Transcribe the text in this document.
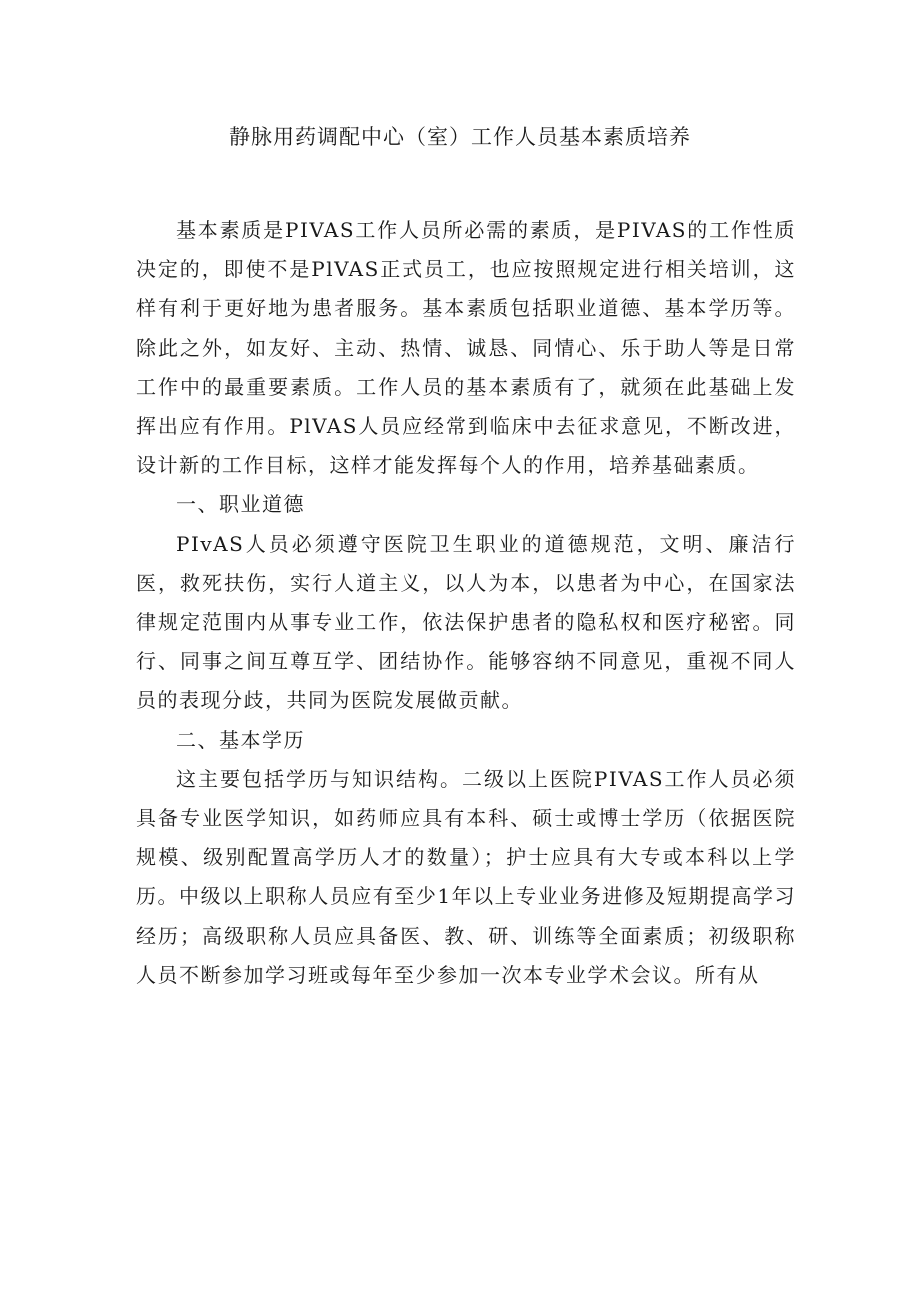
静脉用药调配中心（室）工作人员基本素质培养

基本素质是PIVAS工作人员所必需的素质，是PIVAS的工作性质决定的，即使不是PlVAS正式员工，也应按照规定进行相关培训，这样有利于更好地为患者服务。基本素质包括职业道德、基本学历等。除此之外，如友好、主动、热情、诚恳、同情心、乐于助人等是日常工作中的最重要素质。工作人员的基本素质有了，就须在此基础上发挥出应有作用。PlVAS人员应经常到临床中去征求意见，不断改进，设计新的工作目标，这样才能发挥每个人的作用，培养基础素质。

一、职业道德

PIvAS人员必须遵守医院卫生职业的道德规范，文明、廉洁行医，救死扶伤，实行人道主义，以人为本，以患者为中心，在国家法律规定范围内从事专业工作，依法保护患者的隐私权和医疗秘密。同行、同事之间互尊互学、团结协作。能够容纳不同意见，重视不同人员的表现分歧，共同为医院发展做贡献。

二、基本学历

这主要包括学历与知识结构。二级以上医院PIVAS工作人员必须具备专业医学知识，如药师应具有本科、硕士或博士学历（依据医院规模、级别配置高学历人才的数量）；护士应具有大专或本科以上学历。中级以上职称人员应有至少1年以上专业业务进修及短期提高学习经历；高级职称人员应具备医、教、研、训练等全面素质；初级职称人员不断参加学习班或每年至少参加一次本专业学术会议。所有从
